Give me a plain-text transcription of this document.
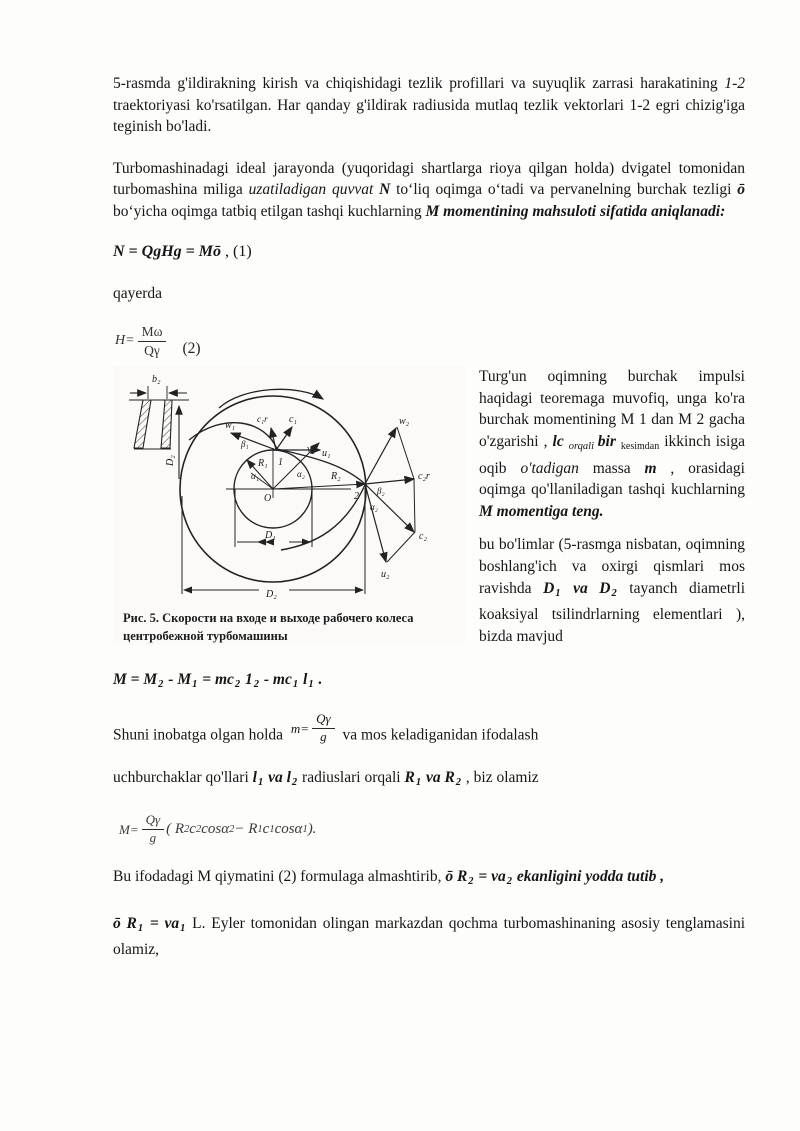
5-rasmda g'ildirakning kirish va chiqishidagi tezlik profillari va suyuqlik zarrasi harakatining 1-2 traektoriyasi ko'rsatilgan. Har qanday g'ildirak radiusida mutlaq tezlik vektorlari 1-2 egri chizig'iga teginish bo'ladi.

Turbomashinadagi ideal jarayonda (yuqoridagi shartlarga rioya qilgan holda) dvigatel tomonidan turbomashina miliga uzatiladigan quvvat N toʻliq oqimga oʻtadi va pervanelning burchak tezligi ō boʻyicha oqimga tatbiq etilgan tashqi kuchlarning M momentining mahsuloti sifatida aniqlanadi:

N = QgHg = Mō , (1)

qayerda

$H= \frac{M\omega}{Q\gamma} (2)$
b₂
D₂	R₁
v₂
α₁	α₂
O
1
R₂
2
w₁
c₁r c₁
β₁
u₁
w₂
c₂r
β₂
α₂
c₂
u₂
D₁
D₂
Рис. 5. Скорости на входе и выходе рабочего колеса центробежной турбомашины

Turg'un oqimning burchak impulsi haqidagi teoremaga muvofiq, unga ko'ra burchak momentining M 1 dan M 2 gacha o'zgarishi , lc orqali bir kesimdan ikkinch isiga oqib o'tadigan massa m , orasidagi oqimga qo'llaniladigan tashqi kuchlarning M momentiga teng.

bu bo'limlar (5-rasmga nisbatan, oqimning boshlang'ich va oxirgi qismlari mos ravishda D1 va D2 tayanch diametrli koaksiyal tsilindrlarning elementlari ), bizda mavjud

M = M2 - M1 = mc2 12 - mc1 l1 .

Shuni inobatga olgan holda $m= \frac{Q\gamma}{g}$ va mos keladiganidan ifodalash

uchburchaklar qo'llari l1 va l2 radiuslari orqali R1 va R2 , biz olamiz

$M= \frac{Q\gamma}{g}$ ( R 2 c 2 cosα 2 − R 1 c 1 cosα 1 ).

Bu ifodadagi M qiymatini (2) formulaga almashtirib, ō R2 = va2 ekanligini yodda tutib ,

ō R1 = va1 L. Eyler tomonidan olingan markazdan qochma turbomashinaning asosiy tenglamasini olamiz,
